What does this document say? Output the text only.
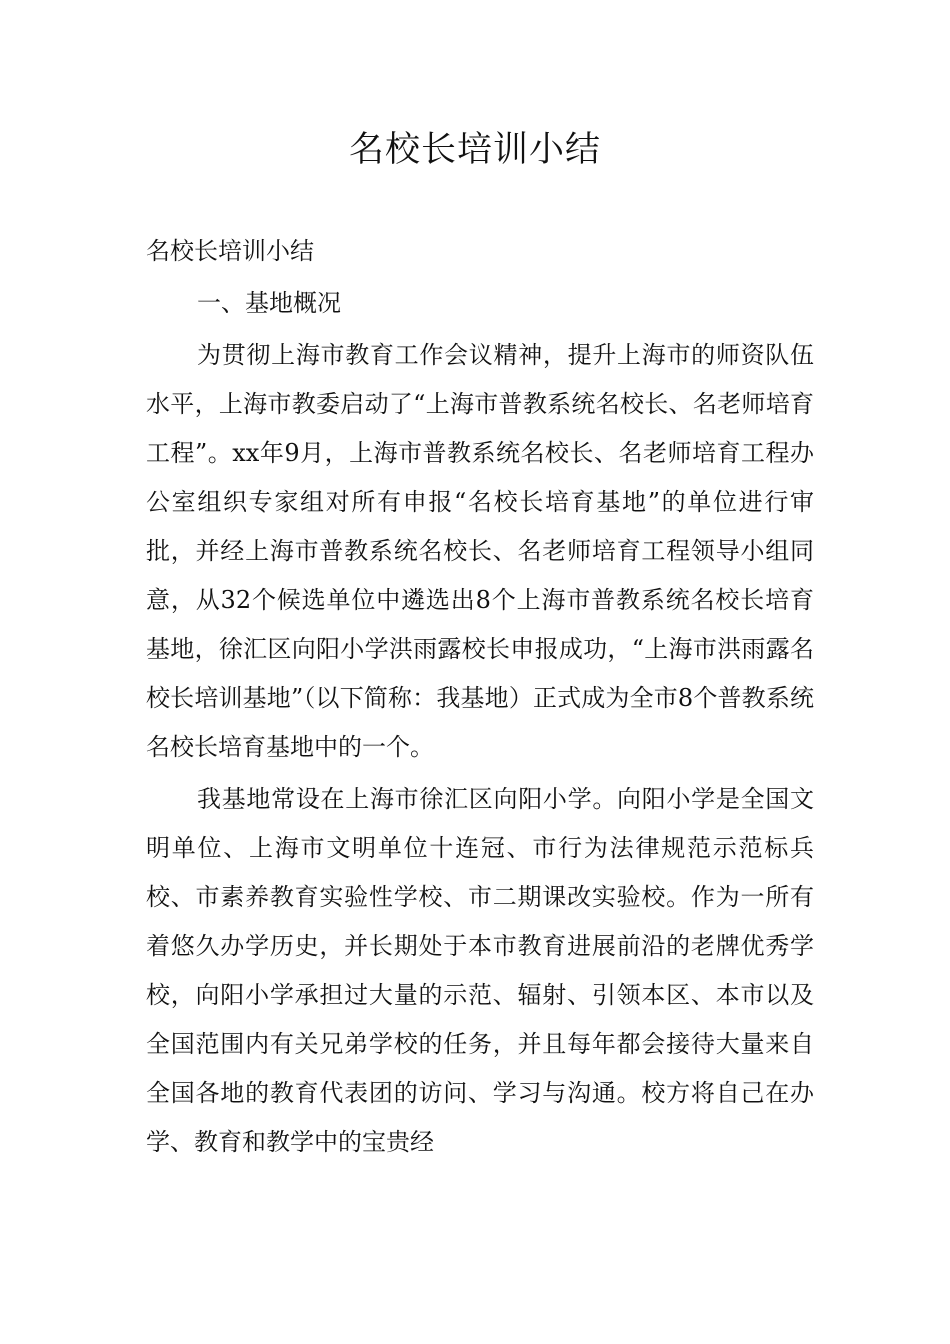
名校长培训小结

名校长培训小结

一、基地概况

为贯彻上海市教育工作会议精神，提升上海市的师资队伍水平，上海市教委启动了“上海市普教系统名校长、名老师培育工程”。xx年9月，上海市普教系统名校长、名老师培育工程办公室组织专家组对所有申报“名校长培育基地”的单位进行审批，并经上海市普教系统名校长、名老师培育工程领导小组同意，从32个候选单位中遴选出8个上海市普教系统名校长培育基地，徐汇区向阳小学洪雨露校长申报成功，“上海市洪雨露名校长培训基地”（以下简称：我基地）正式成为全市8个普教系统名校长培育基地中的一个。

我基地常设在上海市徐汇区向阳小学。向阳小学是全国文明单位、上海市文明单位十连冠、市行为法律规范示范标兵校、市素养教育实验性学校、市二期课改实验校。作为一所有着悠久办学历史，并长期处于本市教育进展前沿的老牌优秀学校，向阳小学承担过大量的示范、辐射、引领本区、本市以及全国范围内有关兄弟学校的任务，并且每年都会接待大量来自全国各地的教育代表团的访问、学习与沟通。校方将自己在办学、教育和教学中的宝贵经
